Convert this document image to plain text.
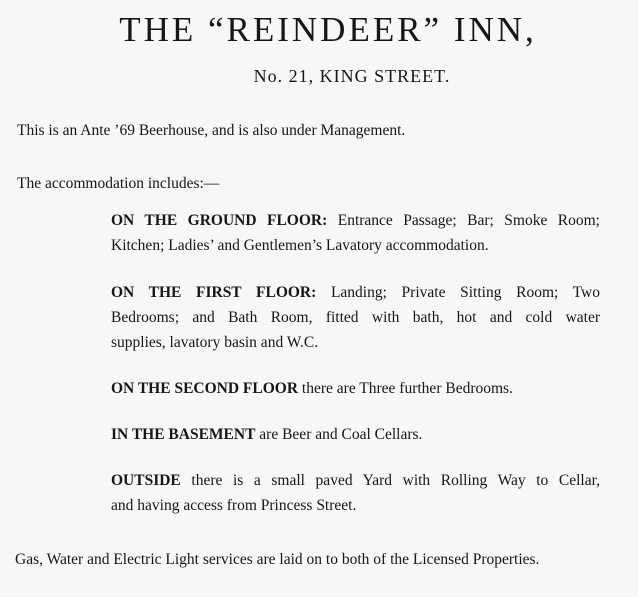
THE “REINDEER” INN,
No. 21, KING STREET.

This is an Ante ’69 Beerhouse, and is also under Management.

The accommodation includes:—

ON THE GROUND FLOOR: Entrance Passage; Bar; Smoke Room;
Kitchen; Ladies’ and Gentlemen’s Lavatory accommodation.
ON THE FIRST FLOOR: Landing; Private Sitting Room; Two
Bedrooms; and Bath Room, fitted with bath, hot and cold water
supplies, lavatory basin and W.C.
ON THE SECOND FLOOR there are Three further Bedrooms.
IN THE BASEMENT are Beer and Coal Cellars.
OUTSIDE there is a small paved Yard with Rolling Way to Cellar,
and having access from Princess Street.

Gas, Water and Electric Light services are laid on to both of the Licensed Properties.
